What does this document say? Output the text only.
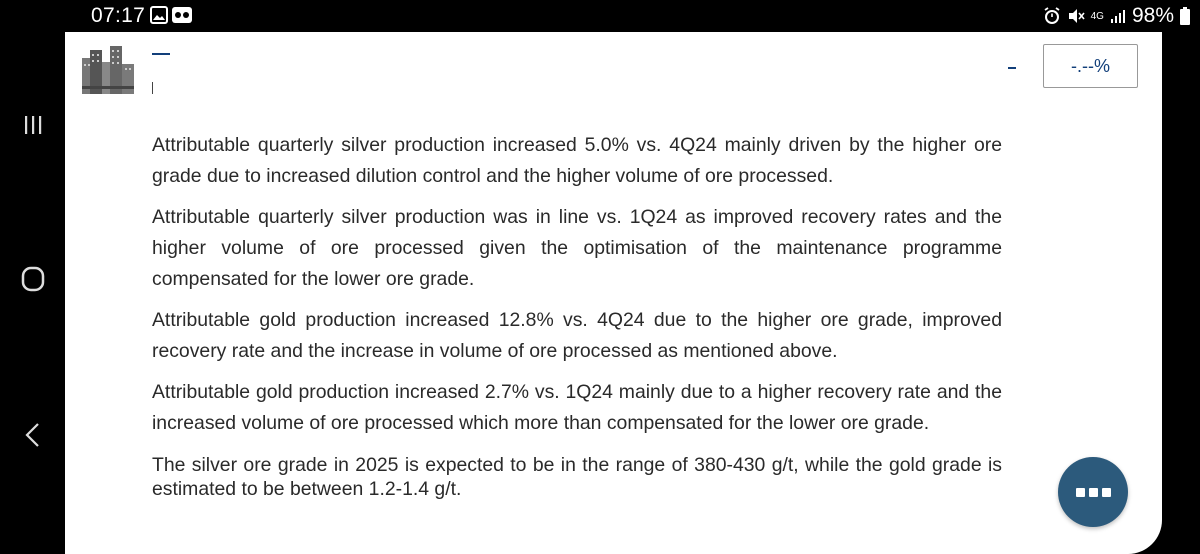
07:17	4G 98%
-.--%

Attributable quarterly silver production increased 5.0% vs. 4Q24 mainly driven by the higher ore grade due to increased dilution control and the higher volume of ore processed.

Attributable quarterly silver production was in line vs. 1Q24 as improved recovery rates and the higher volume of ore processed given the optimisation of the maintenance programme compensated for the lower ore grade.

Attributable gold production increased 12.8% vs. 4Q24 due to the higher ore grade, improved recovery rate and the increase in volume of ore processed as mentioned above.

Attributable gold production increased 2.7% vs. 1Q24 mainly due to a higher recovery rate and the increased volume of ore processed which more than compensated for the lower ore grade.

The silver ore grade in 2025 is expected to be in the range of 380-430 g/t, while the gold grade is estimated to be between 1.2-1.4 g/t.
